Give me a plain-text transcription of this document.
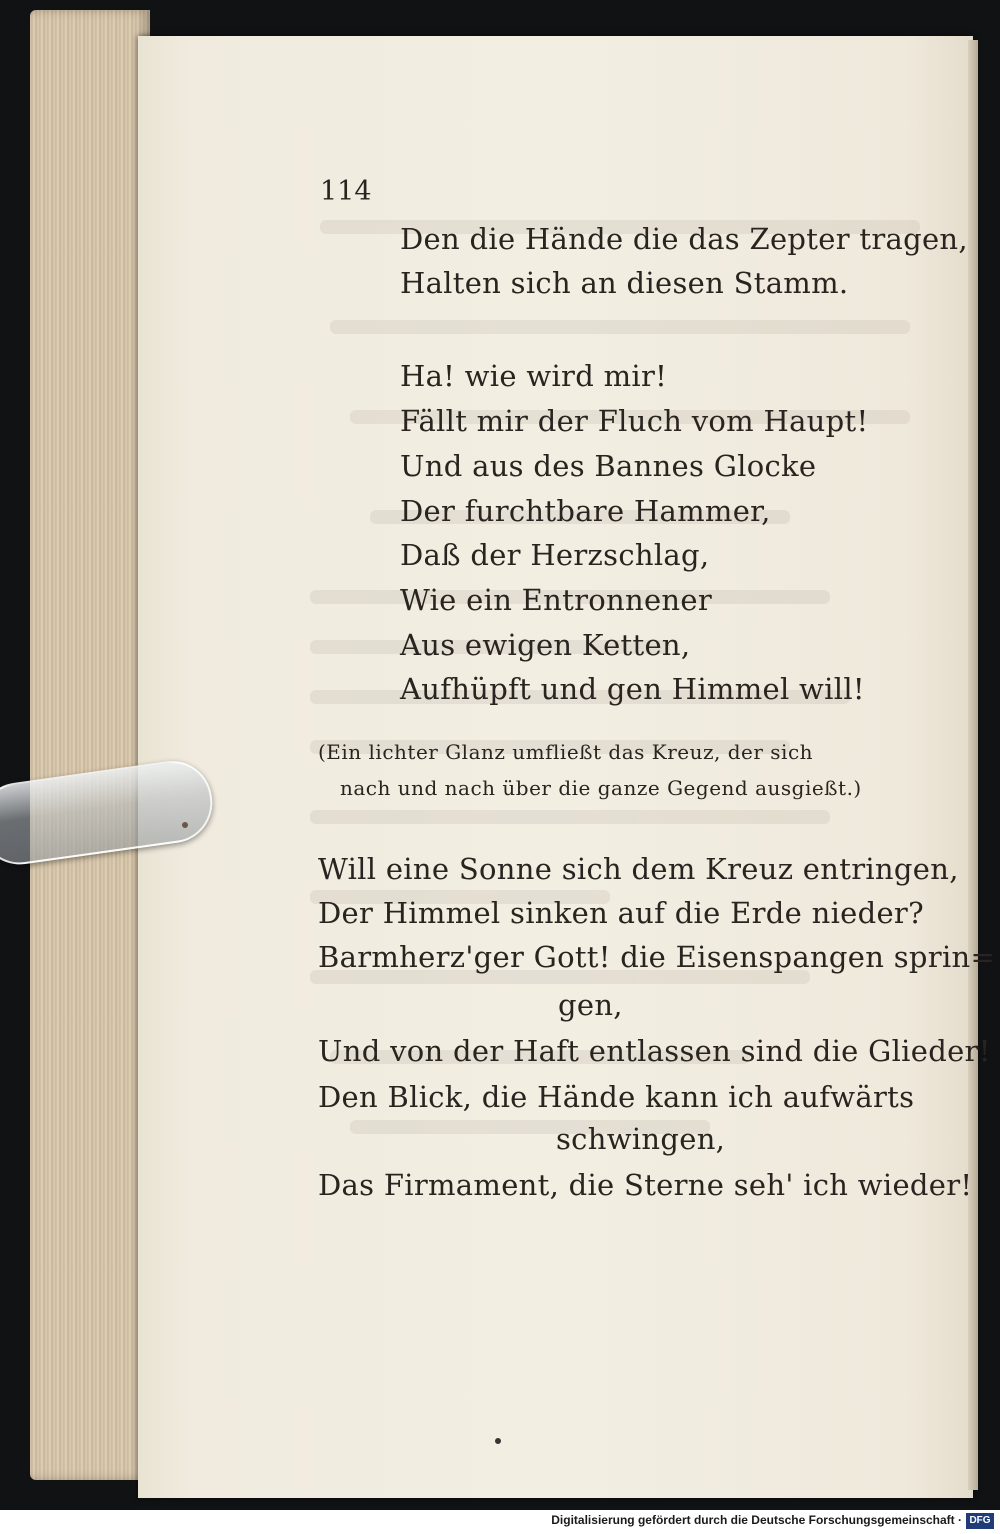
114
Den die Hände die das Zepter tragen,
Halten sich an diesen Stamm.
Ha! wie wird mir!
Fällt mir der Fluch vom Haupt!
Und aus des Bannes Glocke
Der furchtbare Hammer,
Daß der Herzschlag,
Wie ein Entronnener
Aus ewigen Ketten,
Aufhüpft und gen Himmel will!
(Ein lichter Glanz umfließt das Kreuz, der sich
nach und nach über die ganze Gegend ausgießt.)
Will eine Sonne sich dem Kreuz entringen,
Der Himmel sinken auf die Erde nieder?
Barmherz'ger Gott! die Eisenspangen sprin=
gen,
Und von der Haft entlassen sind die Glieder!
Den Blick, die Hände kann ich aufwärts
schwingen,
Das Firmament, die Sterne seh' ich wieder!
Digitalisierung gefördert durch die Deutsche Forschungsgemeinschaft · DFG
